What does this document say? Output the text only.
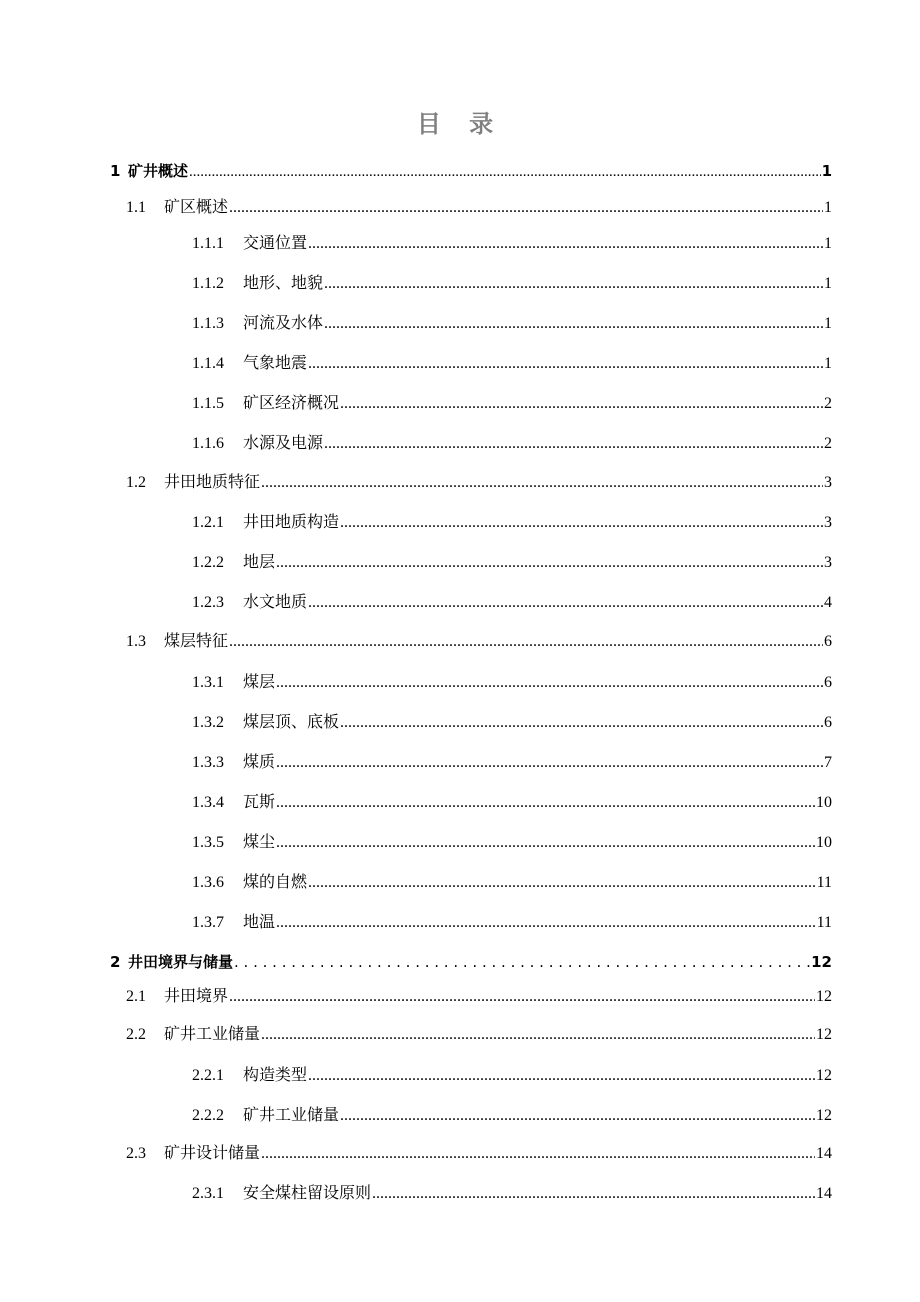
目 录
1 矿井概述 .....	1
1.1	矿区概述 .....	1
1.1.1	交通位置 .....	1
1.1.2	地形、地貌 .....	1
1.1.3	河流及水体 .....	1
1.1.4	气象地震 .....	1
1.1.5	矿区经济概况 .....	2
1.1.6	水源及电源 .....	2
1.2	井田地质特征 .....	3
1.2.1	井田地质构造 .....	3
1.2.2	地层 .....	3
1.2.3	水文地质 .....	4
1.3	煤层特征 .....	6
1.3.1	煤层 .....	6
1.3.2	煤层顶、底板 .....	6
1.3.3	煤质 .....	7
1.3.4	瓦斯 .....	10
1.3.5	煤尘 .....	10
1.3.6	煤的自燃 .....	11
1.3.7	地温 .....	11
2 井田境界与储量 . . .	12
2.1	井田境界 .....	12
2.2	矿井工业储量 .....	12
2.2.1	构造类型 .....	12
2.2.2	矿井工业储量 .....	12
2.3	矿井设计储量 .....	14
2.3.1	安全煤柱留设原则 .....	14
